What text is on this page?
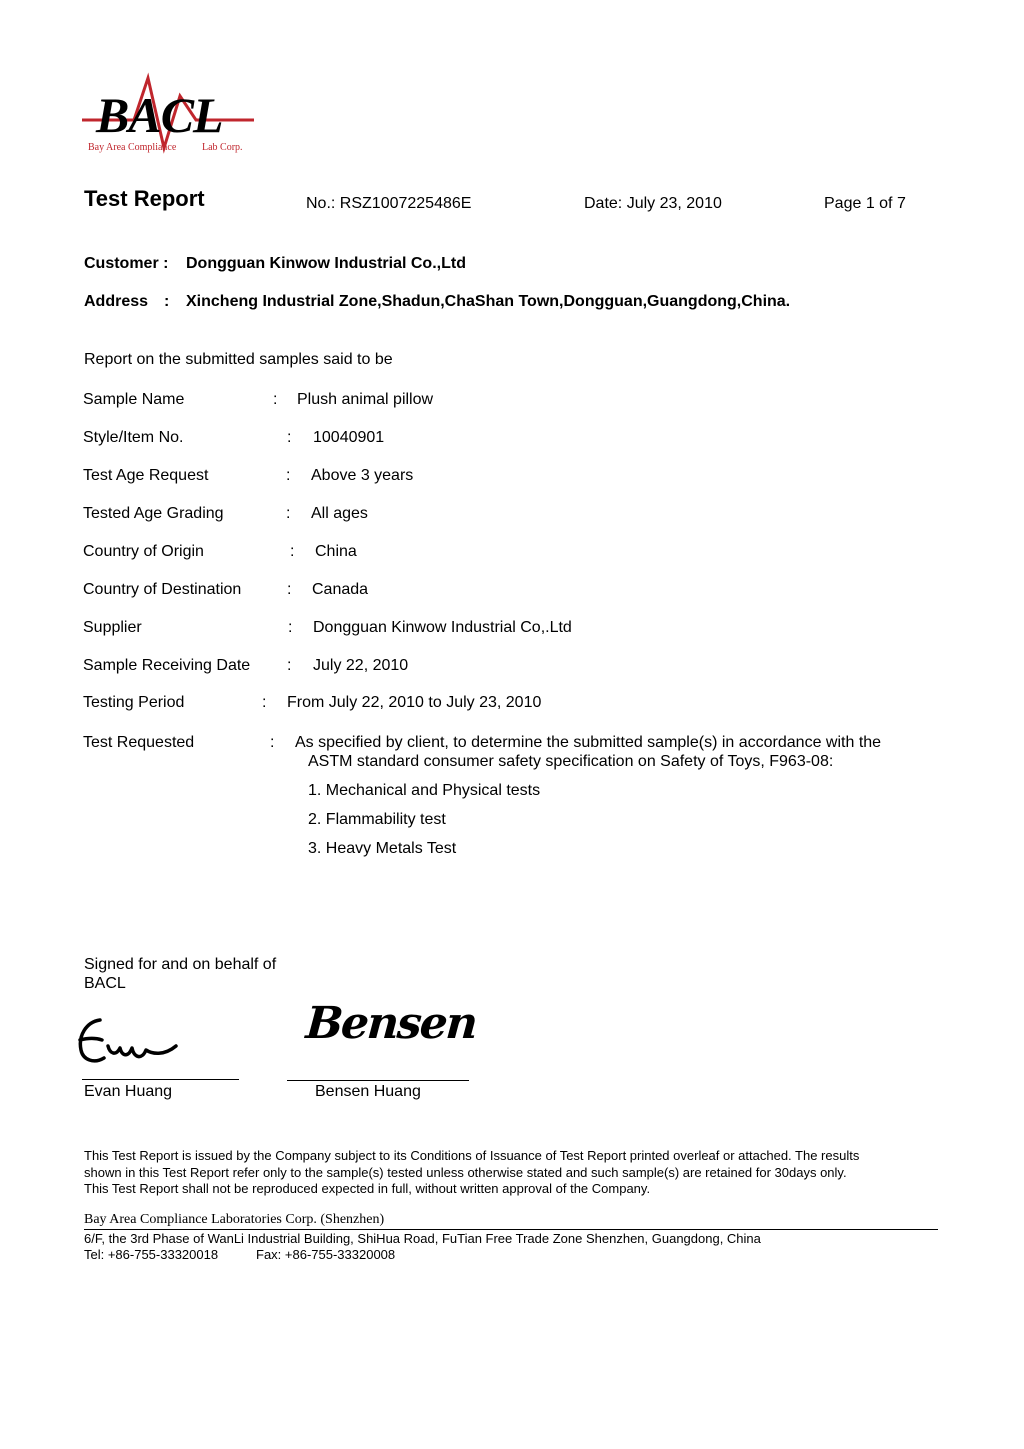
BACL
Bay Area Compliance	Lab Corp.
Test Report	No.: RSZ1007225486E	Date: July 23, 2010	Page 1 of 7
Customer : Dongguan Kinwow Industrial Co.,Ltd
Address : Xincheng Industrial Zone,Shadun,ChaShan Town,Dongguan,Guangdong,China.
Report on the submitted samples said to be
Sample Name	: Plush animal pillow
Style/Item No.	: 10040901
Test Age Request	: Above 3 years
Tested Age Grading	: All ages
Country of Origin	: China
Country of Destination	: Canada
Supplier	: Dongguan Kinwow Industrial Co,.Ltd
Sample Receiving Date : July 22, 2010
Testing Period	: From July 22, 2010 to July 23, 2010
Test Requested	: As specified by client, to determine the submitted sample(s) in accordance with the
ASTM standard consumer safety specification on Safety of Toys, F963-08:
1. Mechanical and Physical tests
2. Flammability test
3. Heavy Metals Test
Signed for and on behalf of
BACL
Evan Huang
Bensen
Bensen Huang
This Test Report is issued by the Company subject to its Conditions of Issuance of Test Report printed overleaf or attached. The results
shown in this Test Report refer only to the sample(s) tested unless otherwise stated and such sample(s) are retained for 30days only.
This Test Report shall not be reproduced expected in full, without written approval of the Company.
Bay Area Compliance Laboratories Corp. (Shenzhen)
6/F, the 3rd Phase of WanLi Industrial Building, ShiHua Road, FuTian Free Trade Zone Shenzhen, Guangdong, China
Tel: +86-755-33320018	Fax: +86-755-33320008
